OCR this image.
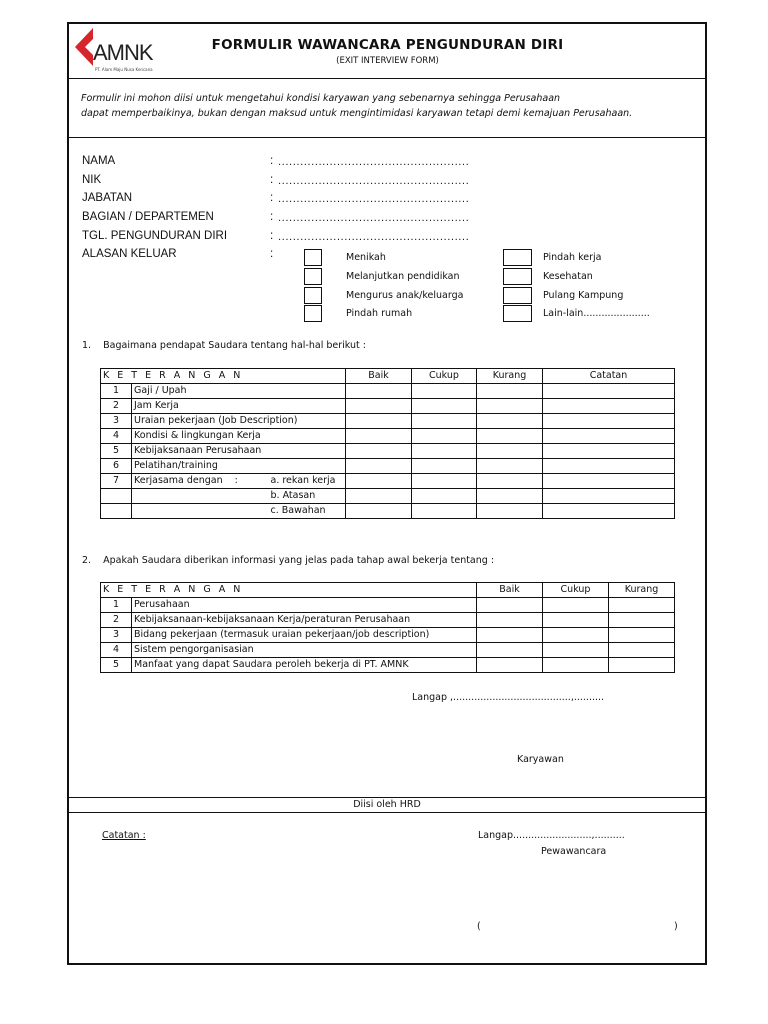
AMNK
PT. Alam Maju Nusa Kencana
FORMULIR WAWANCARA PENGUNDURAN DIRI
(EXIT INTERVIEW FORM)
Formulir ini mohon diisi untuk mengetahui kondisi karyawan yang sebenarnya sehingga Perusahaan
dapat memperbaikinya, bukan dengan maksud untuk mengintimidasi karyawan tetapi demi kemajuan Perusahaan.
NAMA	: ....................................................
NIK	: ....................................................
JABATAN	: ....................................................
BAGIAN / DEPARTEMEN	: ....................................................
TGL. PENGUNDURAN DIRI	: ....................................................
ALASAN KELUAR	:	Menikah
Melanjutkan pendidikan
Mengurus anak/keluarga
Pindah rumah
Pindah kerja
Kesehatan
Pulang Kampung
Lain-lain......................
1.    Bagaimana pendapat Saudara tentang hal-hal berikut :
K E T E R A N G A N			Baik	Cukup	Kurang	Catatan
1	Gaji / Upah					
2	Jam Kerja					
3	Uraian pekerjaan (Job Description)					
4	Kondisi & lingkungan Kerja					
5	Kebijaksanaan Perusahaan					
6	Pelatihan/training					
7	Kerjasama dengan    :	a. rekan kerja				
		b. Atasan				
		c. Bawahan				
2.    Apakah Saudara diberikan informasi yang jelas pada tahap awal bekerja tentang :
K E T E R A N G A N		Baik	Cukup	Kurang
1	Perusahaan			
2	Kebijaksanaan-kebijaksanaan Kerja/peraturan Perusahaan			
3	Bidang pekerjaan (termasuk uraian pekerjaan/job description)			
4	Sistem pengorganisasian			
5	Manfaat yang dapat Saudara peroleh bekerja di PT. AMNK			
Langap ,.......................................,..........
Karyawan
Diisi oleh HRD
Catatan :	Langap..........................,..........
Pewawancara
(	)
